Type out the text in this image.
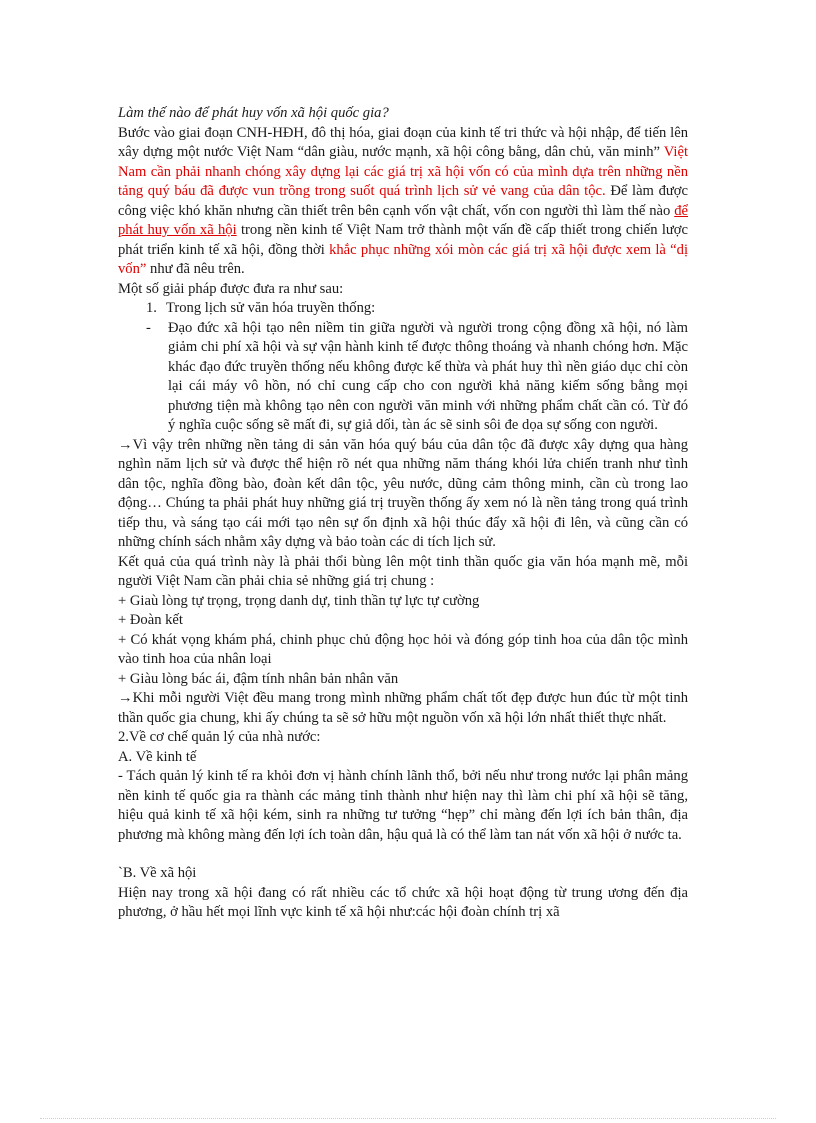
Làm thế nào để phát huy vốn xã hội quốc gia?

Bước vào giai đoạn CNH-HĐH, đô thị hóa, giai đoạn của kinh tế tri thức và hội nhập, để tiến lên xây dựng một nước Việt Nam “dân giàu, nước mạnh, xã hội công bằng, dân chủ, văn minh” Việt Nam cần phải nhanh chóng xây dựng lại các giá trị xã hội vốn có của mình dựa trên những nền tảng quý báu đã được vun trồng trong suốt quá trình lịch sử vẻ vang của dân tộc. Để làm được công việc khó khăn nhưng cần thiết trên bên cạnh vốn vật chất, vốn con người thì làm thế nào để phát huy vốn xã hội trong nền kinh tế Việt Nam trở thành một vấn đề cấp thiết trong chiến lược phát triển kinh tế xã hội, đồng thời khắc phục những xói mòn các giá trị xã hội được xem là “dị vốn” như đã nêu trên.

Một số giải pháp được đưa ra như sau:

1. Trong lịch sử văn hóa truyền thống:
-	Đạo đức xã hội tạo nên niềm tin giữa người và người trong cộng đồng xã hội, nó làm giảm chi phí xã hội và sự vận hành kinh tế được thông thoáng và nhanh chóng hơn. Mặc khác đạo đức truyền thống nếu không được kế thừa và phát huy thì nền giáo dục chỉ còn lại cái máy vô hồn, nó chỉ cung cấp cho con người khả năng kiếm sống bằng mọi phương tiện mà không tạo nên con người văn minh với những phẩm chất cần có. Từ đó ý nghĩa cuộc sống sẽ mất đi, sự giả dối, tàn ác sẽ sinh sôi đe dọa sự sống con người.

→Vì vậy trên những nền tảng di sản văn hóa quý báu của dân tộc đã được xây dựng qua hàng nghìn năm lịch sử và được thể hiện rõ nét qua những năm tháng khói lửa chiến tranh như tình dân tộc, nghĩa đồng bào, đoàn kết dân tộc, yêu nước, dũng cảm thông minh, cần cù trong lao động… Chúng ta phải phát huy những giá trị truyền thống ấy xem nó là nền tảng trong quá trình tiếp thu, và sáng tạo cái mới tạo nên sự ổn định xã hội thúc đẩy xã hội đi lên, và cũng cần có những chính sách nhằm xây dựng và bảo toàn các di tích lịch sử.

Kết quả của quá trình này là phải thổi bùng lên một tinh thần quốc gia văn hóa mạnh mẽ, mỗi người Việt Nam cần phải chia sẻ những giá trị chung :

+ Giaù lòng tự trọng, trọng danh dự, tinh thần tự lực tự cường

+ Đoàn kết

+ Có khát vọng khám phá, chinh phục chủ động học hỏi và đóng góp tinh hoa của dân tộc mình vào tinh hoa của nhân loại

+ Giàu lòng bác ái, đậm tính nhân bản nhân văn

→Khi mỗi người Việt đều mang trong mình những phẩm chất tốt đẹp được hun đúc từ một tinh thần quốc gia chung, khi ấy chúng ta sẽ sở hữu một nguồn vốn xã hội lớn nhất thiết thực nhất.

2.Về cơ chế quản lý của nhà nước:

A. Về kinh tế

- Tách quản lý kinh tế ra khỏi đơn vị hành chính lãnh thổ, bởi nếu như trong nước lại phân mảng nền kinh tế quốc gia ra thành các mảng tỉnh thành như hiện nay thì làm chi phí xã hội sẽ tăng, hiệu quả kinh tế xã hội kém, sinh ra những tư tưởng “hẹp” chỉ màng đến lợi ích bản thân, địa phương mà không màng đến lợi ích toàn dân, hậu quả là có thể làm tan nát vốn xã hội ở nước ta.

`B. Về xã hội

Hiện nay trong xã hội đang có rất nhiều các tổ chức xã hội hoạt động từ trung ương đến địa phương, ở hầu hết mọi lĩnh vực kinh tế xã hội như:các hội đoàn chính trị xã
